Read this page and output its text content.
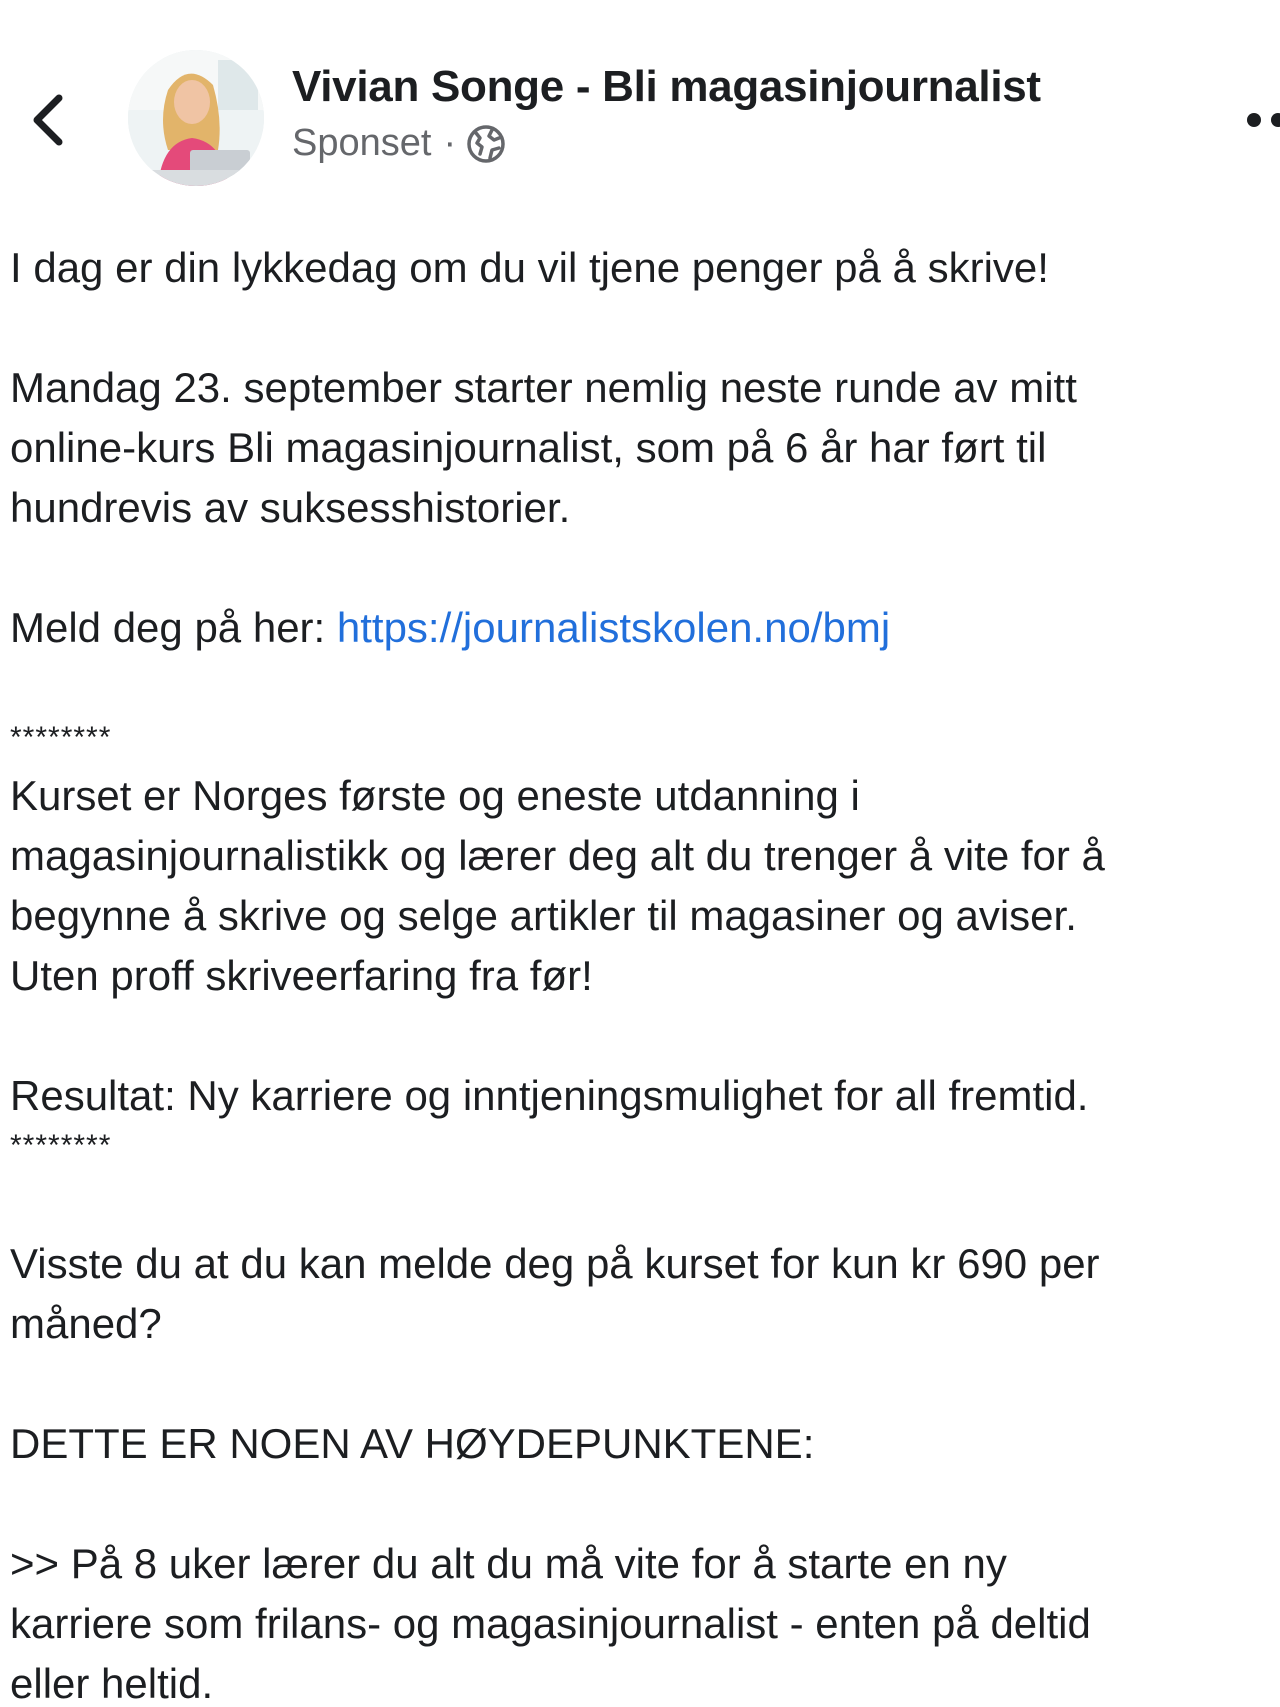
Vivian Songe - Bli magasinjournalist
Sponset ·
I dag er din lykkedag om du vil tjene penger på å skrive!
Mandag 23. september starter nemlig neste runde av mitt
online-kurs Bli magasinjournalist, som på 6 år har ført til
hundrevis av suksesshistorier.
Meld deg på her: https://journalistskolen.no/bmj
********
Kurset er Norges første og eneste utdanning i
magasinjournalistikk og lærer deg alt du trenger å vite for å
begynne å skrive og selge artikler til magasiner og aviser.
Uten proff skriveerfaring fra før!
Resultat: Ny karriere og inntjeningsmulighet for all fremtid.
********
Visste du at du kan melde deg på kurset for kun kr 690 per
måned?
DETTE ER NOEN AV HØYDEPUNKTENE:
>> På 8 uker lærer du alt du må vite for å starte en ny
karriere som frilans- og magasinjournalist - enten på deltid
eller heltid.
